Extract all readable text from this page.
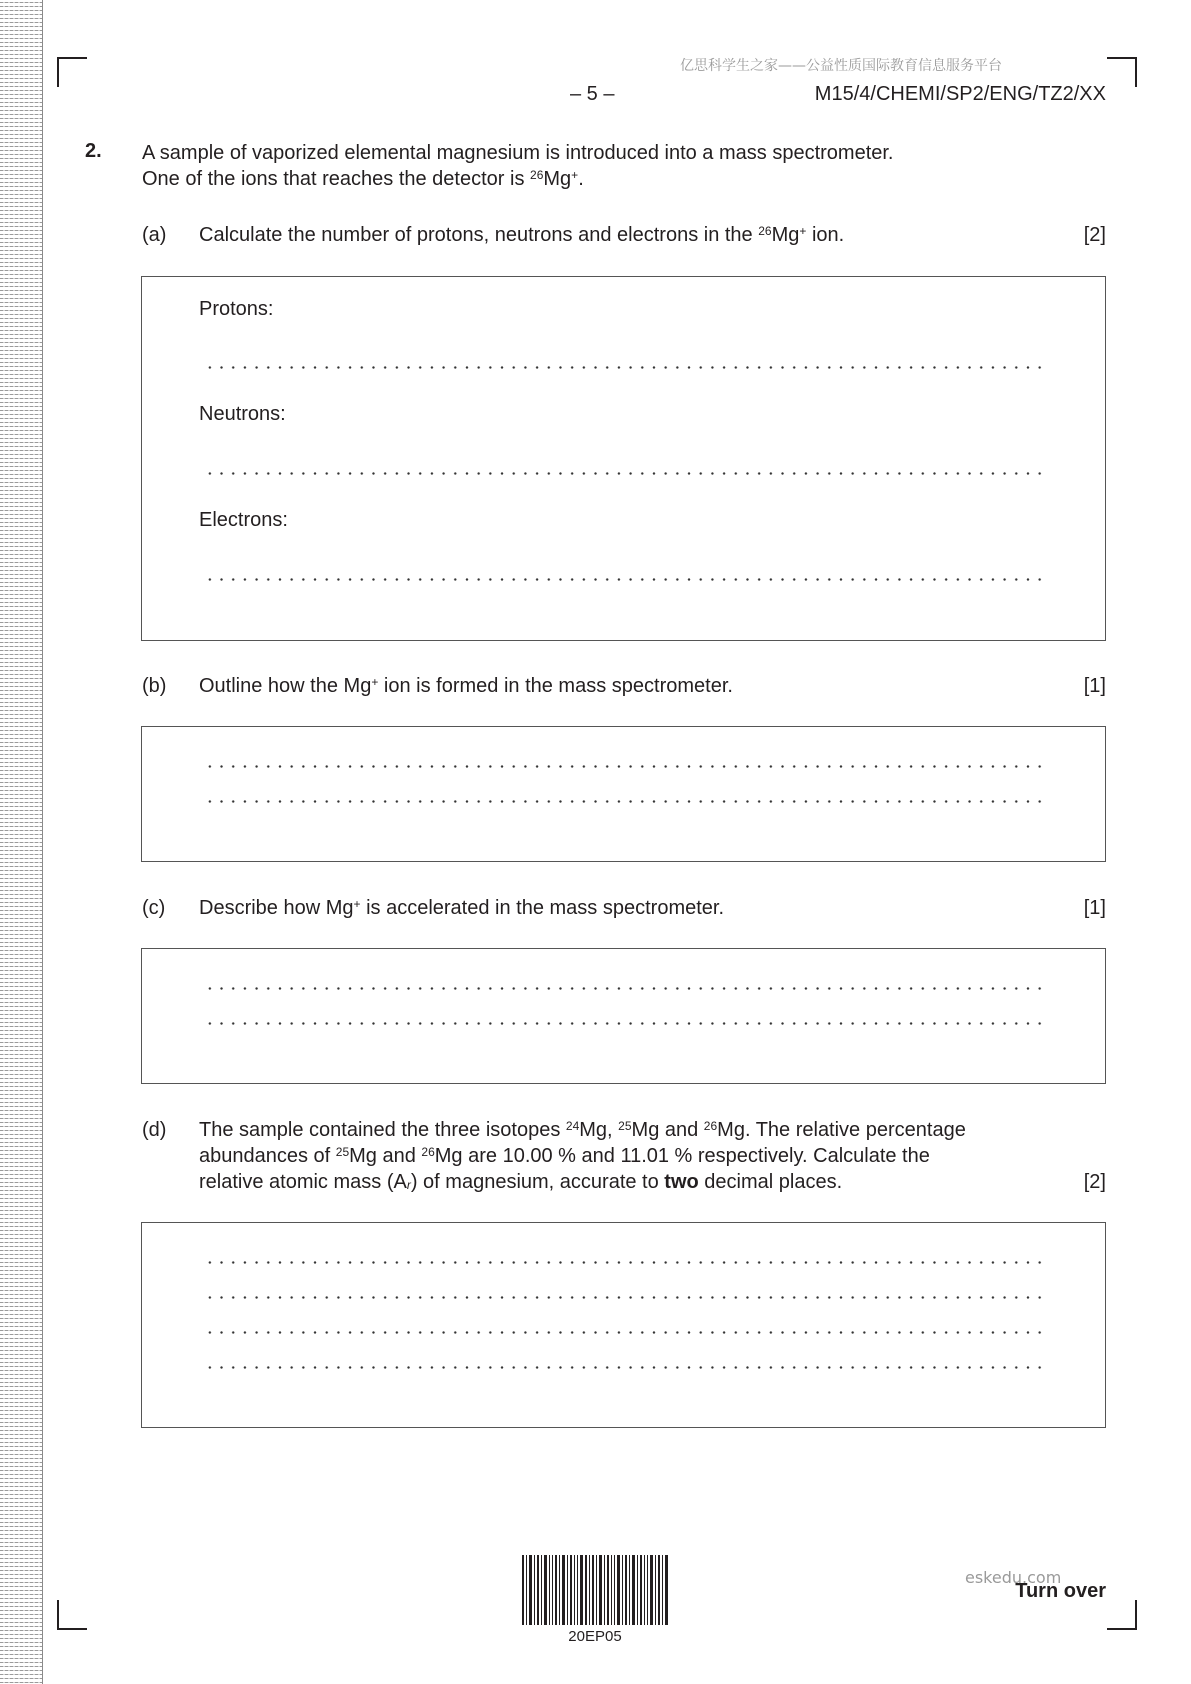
亿思科学生之家——公益性质国际教育信息服务平台
– 5 –	M15/4/CHEMI/SP2/ENG/TZ2/XX
2. A sample of vaporized elemental magnesium is introduced into a mass spectrometer.
One of the ions that reaches the detector is $^{26}$Mg+.
(a) Calculate the number of protons, neutrons and electrons in the $^{26}$Mg+ ion.	[2]
Protons:
Neutrons:
Electrons:
(b) Outline how the Mg+ ion is formed in the mass spectrometer.	[1]
(c) Describe how Mg+ is accelerated in the mass spectrometer.	[1]
(d) The sample contained the three isotopes $^{24}$Mg, $^{25}$Mg and $^{26}$Mg. The relative percentage
abundances of $^{25}$Mg and $^{26}$Mg are 10.00 % and 11.01 % respectively. Calculate the
relative atomic mass $(A_r)$ of magnesium, accurate to two decimal places.	[2]
20EP05
eskedu.com
Turn over
